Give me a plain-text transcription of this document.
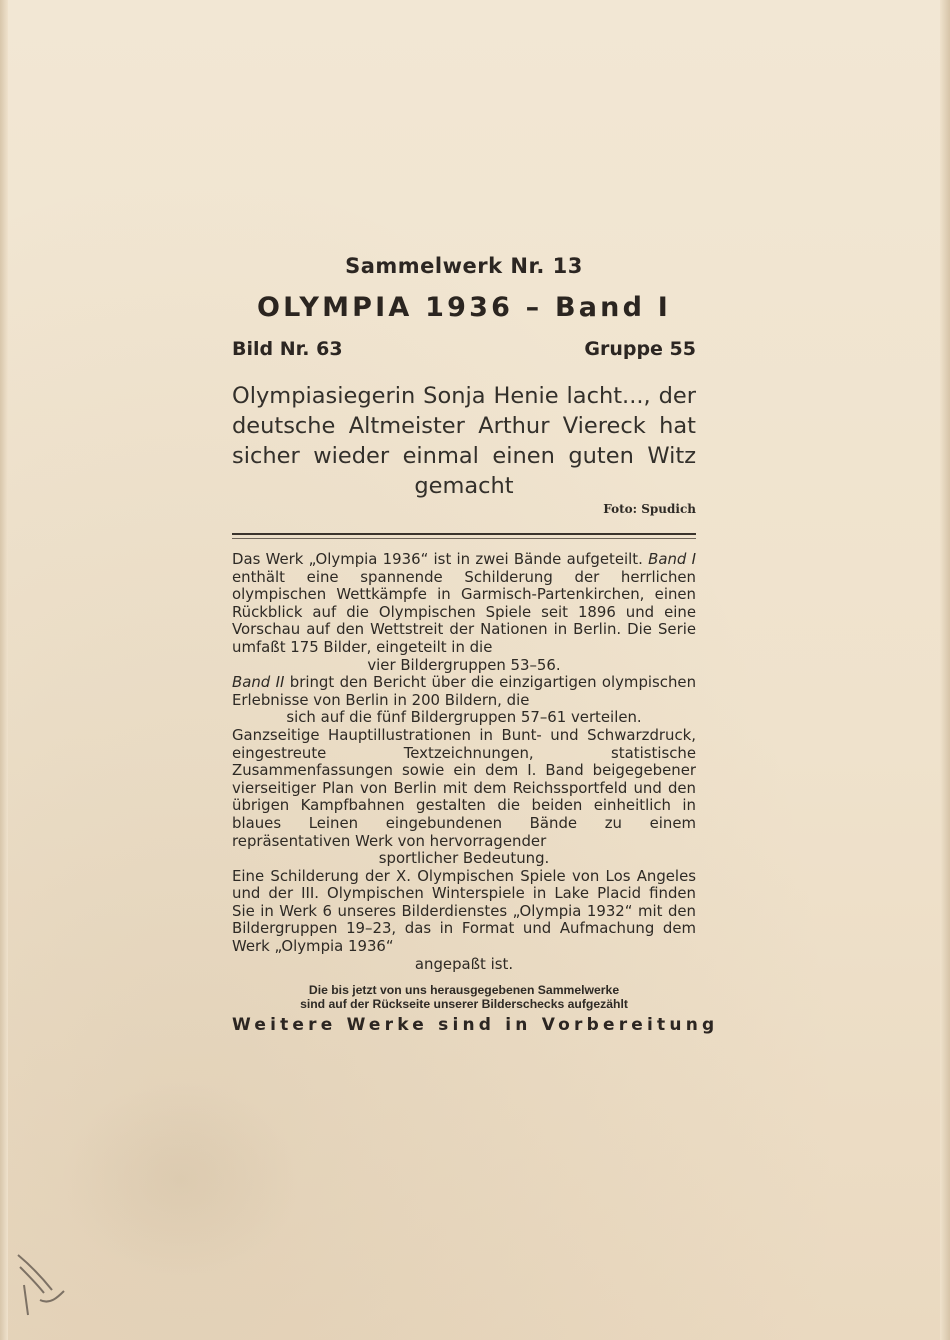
Sammelwerk Nr. 13
OLYMPIA 1936 – Band I
Bild Nr. 63	Gruppe 55
Olympiasiegerin Sonja Henie lacht..., der deutsche Altmeister Arthur Viereck hat sicher wieder einmal einen guten Witz gemacht
Foto: Spudich

Das Werk „Olympia 1936“ ist in zwei Bände aufgeteilt. Band I enthält eine spannende Schilderung der herrlichen olympischen Wettkämpfe in Garmisch-Partenkirchen, einen Rückblick auf die Olympischen Spiele seit 1896 und eine Vorschau auf den Wettstreit der Nationen in Berlin. Die Serie umfaßt 175 Bilder, eingeteilt in die

vier Bildergruppen 53–56.

Band II bringt den Bericht über die einzigartigen olympischen Erlebnisse von Berlin in 200 Bildern, die

sich auf die fünf Bildergruppen 57–61 verteilen.

Ganzseitige Hauptillustrationen in Bunt- und Schwarzdruck, eingestreute Textzeichnungen, statistische Zusammenfassungen sowie ein dem I. Band beigegebener vierseitiger Plan von Berlin mit dem Reichssportfeld und den übrigen Kampfbahnen gestalten die beiden einheitlich in blaues Leinen eingebundenen Bände zu einem repräsentativen Werk von hervorragender

sportlicher Bedeutung.

Eine Schilderung der X. Olympischen Spiele von Los Angeles und der III. Olympischen Winterspiele in Lake Placid finden Sie in Werk 6 unseres Bilderdienstes „Olympia 1932“ mit den Bildergruppen 19–23, das in Format und Aufmachung dem Werk „Olympia 1936“

angepaßt ist.

Die bis jetzt von uns herausgegebenen Sammelwerke
sind auf der Rückseite unserer Bilderschecks aufgezählt
Weitere Werke sind in Vorbereitung
